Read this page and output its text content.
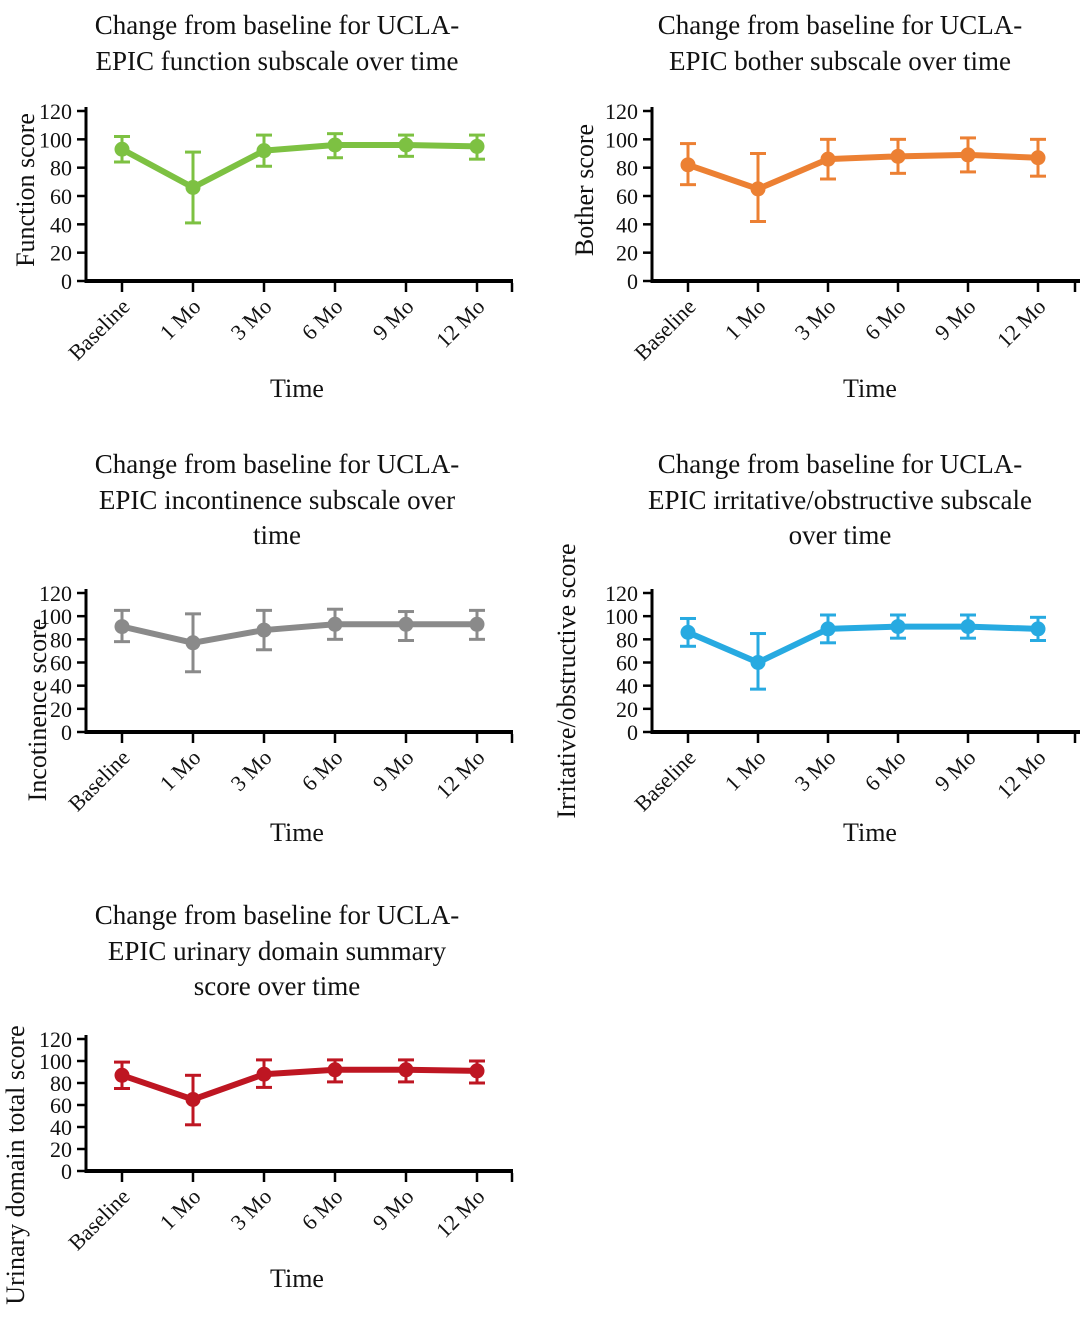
Change from baseline for UCLA-
EPIC function subscale over time
Function score
0
20
40
60
80
100
120
Baseline 1 Mo 3 Mo 6 Mo 9 Mo 12 Mo
Time
Change from baseline for UCLA-
EPIC bother subscale over time
Bother score
0
20
40
60
80
100
120
Baseline 1 Mo 3 Mo 6 Mo 9 Mo 12 Mo
Time
Change from baseline for UCLA-
EPIC incontinence subscale over
time
Incotinence score 0
20
40
60
80
100
120
Baseline 1 Mo 3 Mo 6 Mo 9 Mo 12 Mo
Time
Change from baseline for UCLA-
EPIC irritative/obstructive subscale
over time
Irritative/obstructive score 0
20
40
60
80
100
120
Baseline 1 Mo 3 Mo 6 Mo 9 Mo 12 Mo
Time
Change from baseline for UCLA-
EPIC urinary domain summary
score over time
Urinary domain total score 0
20
40
60
80
100
120
Baseline 1 Mo 3 Mo 6 Mo 9 Mo 12 Mo
Time
